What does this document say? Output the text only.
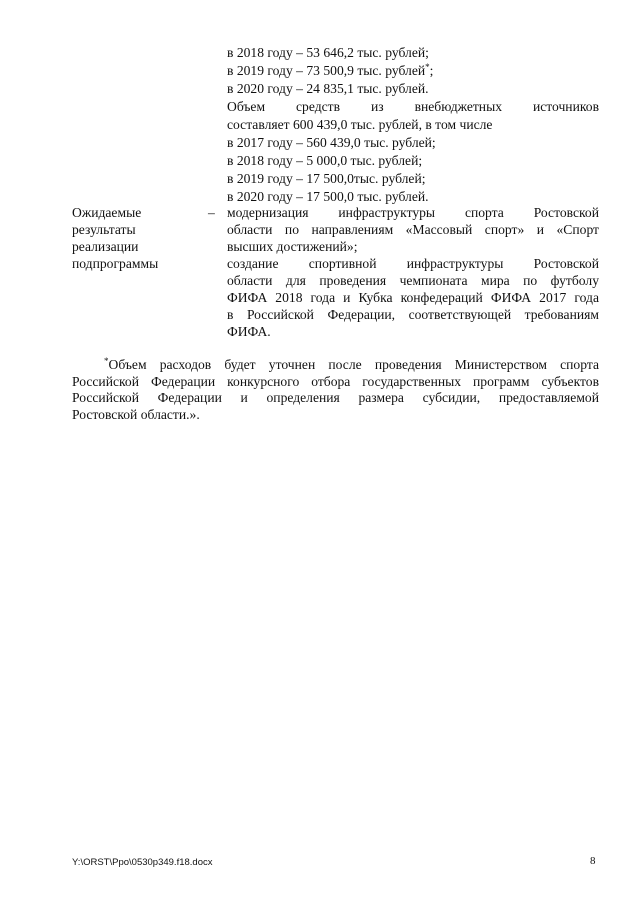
в 2018 году – 53 646,2 тыс. рублей;
в 2019 году – 73 500,9 тыс. рублей*;
в 2020 году – 24 835,1 тыс. рублей.
Объем средств из внебюджетных источников
составляет 600 439,0 тыс. рублей, в том числе
в 2017 году – 560 439,0 тыс. рублей;
в 2018 году – 5 000,0 тыс. рублей;
в 2019 году – 17 500,0тыс. рублей;
в 2020 году – 17 500,0 тыс. рублей.
Ожидаемые
результаты
реализации
подпрограммы
– модернизация инфраструктуры спорта Ростовской
области по направлениям «Массовый спорт» и «Спорт
высших достижений»;
создание спортивной инфраструктуры Ростовской
области для проведения чемпионата мира по футболу
ФИФА 2018 года и Кубка конфедераций ФИФА 2017 года
в Российской Федерации, соответствующей требованиям
ФИФА.
*Объем расходов будет уточнен после проведения Министерством спорта
Российской Федерации конкурсного отбора государственных программ субъектов
Российской Федерации и определения размера субсидии, предоставляемой
Ростовской области.».
Y:\ORST\Ppo\0530p349.f18.docx	8
